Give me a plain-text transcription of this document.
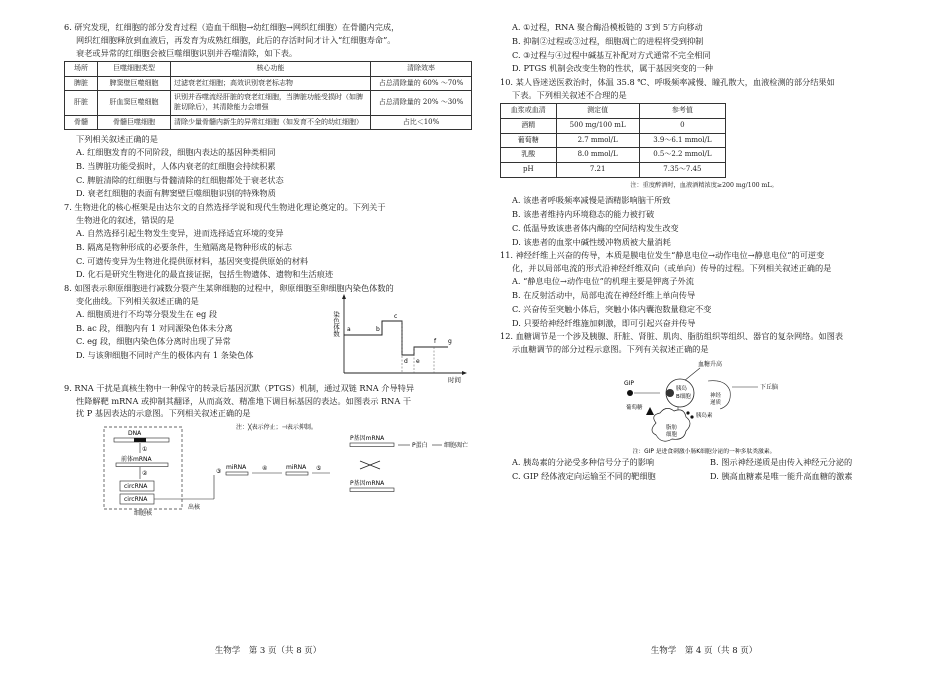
6. 研究发现，红细胞的部分发育过程（造血干细胞→幼红细胞→网织红细胞）在骨髓内完成，
网织红细胞释放到血液后，再发育为成熟红细胞，此后的存活时间才计入“红细胞寿命”。
衰老或异常的红细胞会被巨噬细胞识别并吞噬清除，如下表。
场所	巨噬细胞类型	核心功能	清除效率
脾脏	脾窦壁巨噬细胞	过滤衰老红细胞；高效识别衰老标志物	占总清除量的 60% ～70%
肝脏	肝血窦巨噬细胞	识别并吞噬流经肝脏的衰老红细胞，当脾脏功能受损时（如脾脏切除后），其清除能力会增强	占总清除量的 20% ～30%
骨髓	骨髓巨噬细胞	清除少量骨髓内新生的异常红细胞（如发育不全的幼红细胞）	占比＜10%
下列相关叙述正确的是
A. 红细胞发育的不同阶段，细胞内表达的基因种类相同
B. 当脾脏功能受损时，人体内衰老的红细胞会持续积累
C. 脾脏清除的红细胞与骨髓清除的红细胞都处于衰老状态
D. 衰老红细胞的表面有脾窦壁巨噬细胞识别的特殊物质
7. 生物进化的核心框架是由达尔文的自然选择学说和现代生物进化理论奠定的。下列关于
生物进化的叙述，错误的是
A. 自然选择引起生物发生变异，进而选择适宜环境的变异
B. 隔离是物种形成的必要条件，生殖隔离是物种形成的标志
C. 可遗传变异为生物进化提供原材料，基因突变提供原始的材料
D. 化石是研究生物进化的最直接证据，包括生物遗体、遗物和生活痕迹
8. 如图表示卵原细胞进行减数分裂产生某卵细胞的过程中，卵原细胞至卵细胞内染色体数的
变化曲线。下列相关叙述正确的是
A. 细胞质进行不均等分裂发生在 eg 段
B. ac 段，细胞内有 1 对同源染色体未分离
C. eg 段，细胞内染色体分离时出现了异常
D. 与该卵细胞不同时产生的极体内有 1 条染色体
染色体数
时间
a	b
c
d e
f g
9. RNA 干扰是真核生物中一种保守的转录后基因沉默（PTGS）机制，通过双链 RNA 介导特异
性降解靶 mRNA 或抑制其翻译，从而高效、精准地下调目标基因的表达。如图表示 RNA 干
扰 P 基因表达的示意图。下列相关叙述正确的是
注：╳表示停止；⊣表示抑制。
DNA
①
前体mRNA
②
circRNA
circRNA
细胞核
出核
③
miRNA	④	miRNA ⑤
P基因mRNA
P蛋白	细胞凋亡
P基因mRNA
生物学　第 3 页（共 8 页）
A. ①过程，RNA 聚合酶沿模板链的 3′到 5′方向移动
B. 抑制②过程或③过程，细胞凋亡的进程将受到抑制
C. ③过程与④过程中碱基互补配对方式通常不完全相同
D. PTGS 机制会改变生物的性状，属于基因突变的一种
10. 某人昏迷送医救治时，体温 35.8 ℃、呼吸频率减慢、瞳孔散大，血液检测的部分结果如
下表。下列相关叙述不合理的是
血浆或血清	测定值	参考值
酒精	500 mg/100 mL	0
葡萄糖	2.7 mmol/L	3.9～6.1 mmol/L
乳酸	8.0 mmol/L	0.5～2.2 mmol/L
pH	7.21	7.35～7.45
注：重度醉酒时，血液酒精浓度≥200 mg/100 mL。
A. 该患者呼吸频率减慢是酒精影响脑干所致
B. 该患者维持内环境稳态的能力被打破
C. 低温导致该患者体内酶的空间结构发生改变
D. 该患者的血浆中碱性缓冲物质被大量消耗
11. 神经纤维上兴奋的传导，本质是膜电位发生“静息电位→动作电位→静息电位”的可逆变
化，并以局部电流的形式沿神经纤维双向（或单向）传导的过程。下列相关叙述正确的是
A. “静息电位→动作电位”的机理主要是钾离子外流
B. 在反射活动中，局部电流在神经纤维上单向传导
C. 兴奋传至突触小体后，突触小体内囊泡数量稳定不变
D. 只要给神经纤维施加刺激，即可引起兴奋并传导
12. 血糖调节是一个涉及胰腺、肝脏、肾脏、肌肉、脂肪组织等组织、器官的复杂网络。如图表
示血糖调节的部分过程示意图。下列有关叙述正确的是
血糖升高
GIP
胰岛
B细胞	神经
递质
下丘脑
胰岛素
脂肪
细胞
葡萄糖
注：GIP 是进食刺激小肠K细胞分泌的一种多肽类激素。
A. 胰岛素的分泌受多种信号分子的影响	B. 图示神经递质是由传入神经元分泌的
C. GIP 经体液定向运输至不同的靶细胞	D. 胰高血糖素是唯一能升高血糖的激素
生物学　第 4 页（共 8 页）
